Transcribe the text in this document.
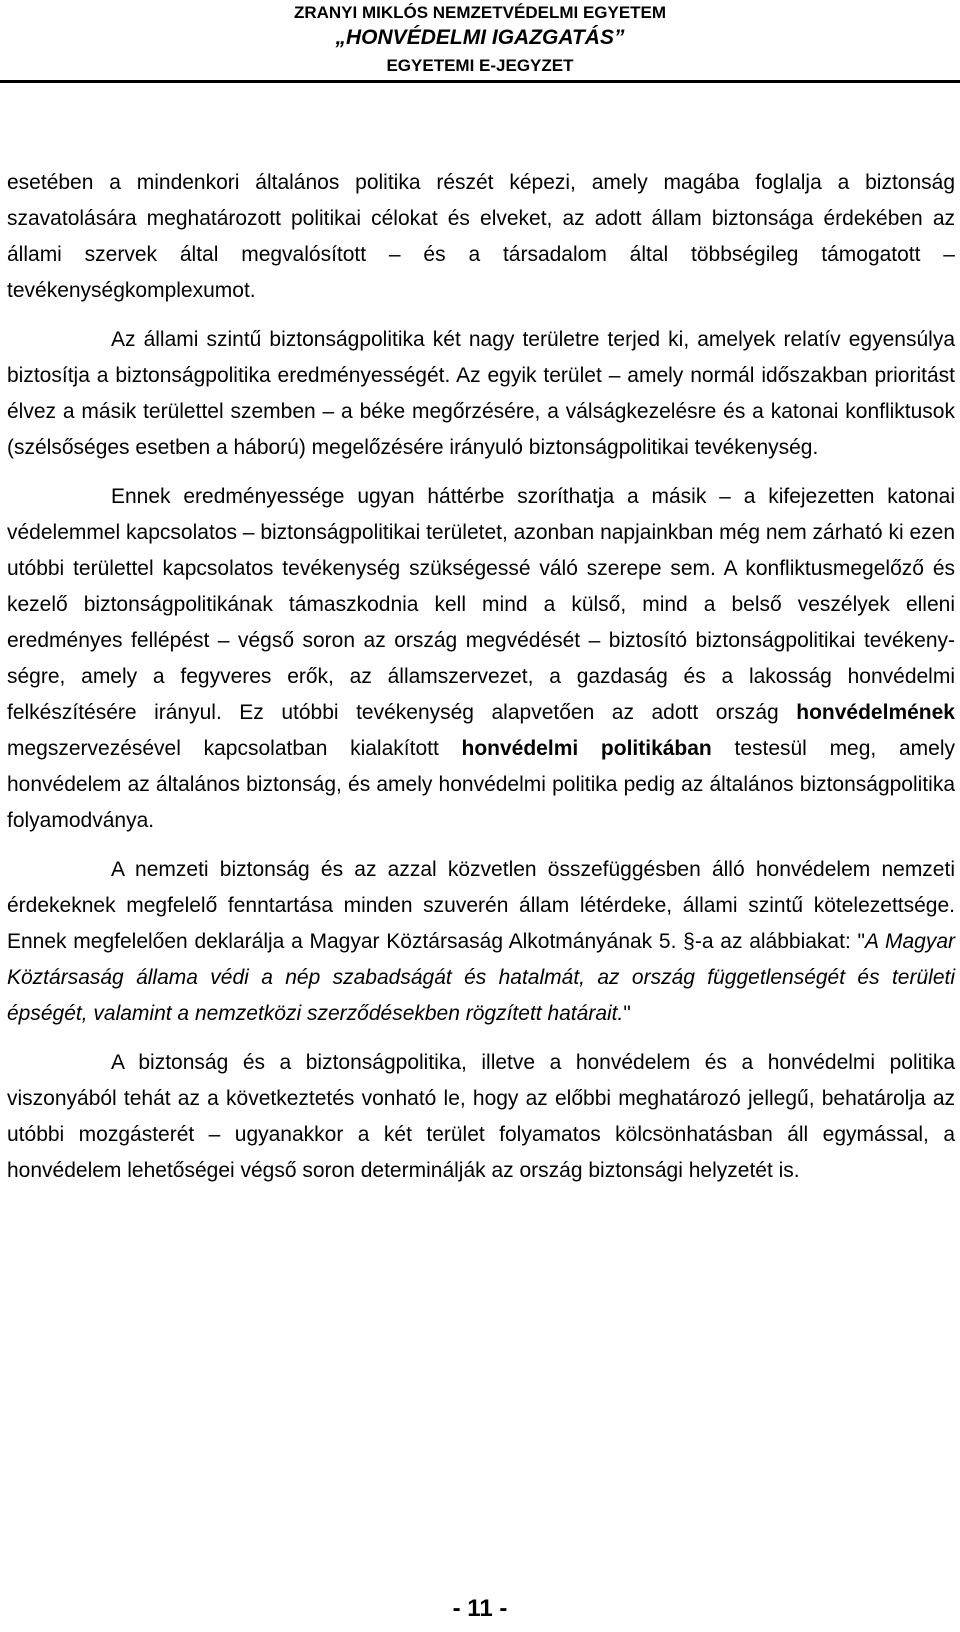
ZRANYI MIKLÓS NEMZETVÉDELMI EGYETEM
„HONVÉDELMI IGAZGATÁS”
EGYETEMI E-JEGYZET

esetében a mindenkori általános politika részét képezi, amely magába foglalja a biztonság szavatolására meghatározott politikai célokat és elveket, az adott állam biztonsága érdekében az állami szervek által megvalósított – és a társadalom által többségileg támogatott – tevékenységkomplexumot.

Az állami szintű biztonságpolitika két nagy területre terjed ki, amelyek relatív egyensúlya biztosítja a biztonságpolitika eredményességét. Az egyik terület – amely normál időszakban prioritást élvez a másik területtel szemben – a béke megőrzésére, a válságkezelésre és a katonai konfliktusok (szélsőséges esetben a háború) megelőzésére irányuló biztonságpolitikai tevékenység.

Ennek eredményessége ugyan háttérbe szoríthatja a másik – a kifejezetten katonai védelemmel kapcsolatos – biztonságpolitikai területet, azonban napjainkban még nem zárható ki ezen utóbbi területtel kapcsolatos tevékenység szükségessé váló szerepe sem. A konfliktusmegelőző és kezelő biztonságpolitikának támaszkodnia kell mind a külső, mind a belső veszélyek elleni eredményes fellépést – végső soron az ország megvédését – biztosító biztonságpolitikai tevékenységre, amely a fegyveres erők, az államszervezet, a gazdaság és a lakosság honvédelmi felkészítésére irányul. Ez utóbbi tevékenység alapvetően az adott ország honvédelmének megszervezésével kapcsolatban kialakított honvédelmi politikában testesül meg, amely honvédelem az általános biztonság, és amely honvédelmi politika pedig az általános biztonságpolitika folyamodványa.

A nemzeti biztonság és az azzal közvetlen összefüggésben álló honvédelem nemzeti érdekeknek megfelelő fenntartása minden szuverén állam létérdeke, állami szintű kötelezettsége. Ennek megfelelően deklarálja a Magyar Köztársaság Alkotmányának 5. §-a az alábbiakat: "A Magyar Köztársaság állama védi a nép szabadságát és hatalmát, az ország függetlenségét és területi épségét, valamint a nemzetközi szerződésekben rögzített határait."

A biztonság és a biztonságpolitika, illetve a honvédelem és a honvédelmi politika viszonyából tehát az a következtetés vonható le, hogy az előbbi meghatározó jellegű, behatárolja az utóbbi mozgásterét – ugyanakkor a két terület folyamatos kölcsönhatásban áll egymással, a honvédelem lehetőségei végső soron determinálják az ország biztonsági helyzetét is.

- 11 -
